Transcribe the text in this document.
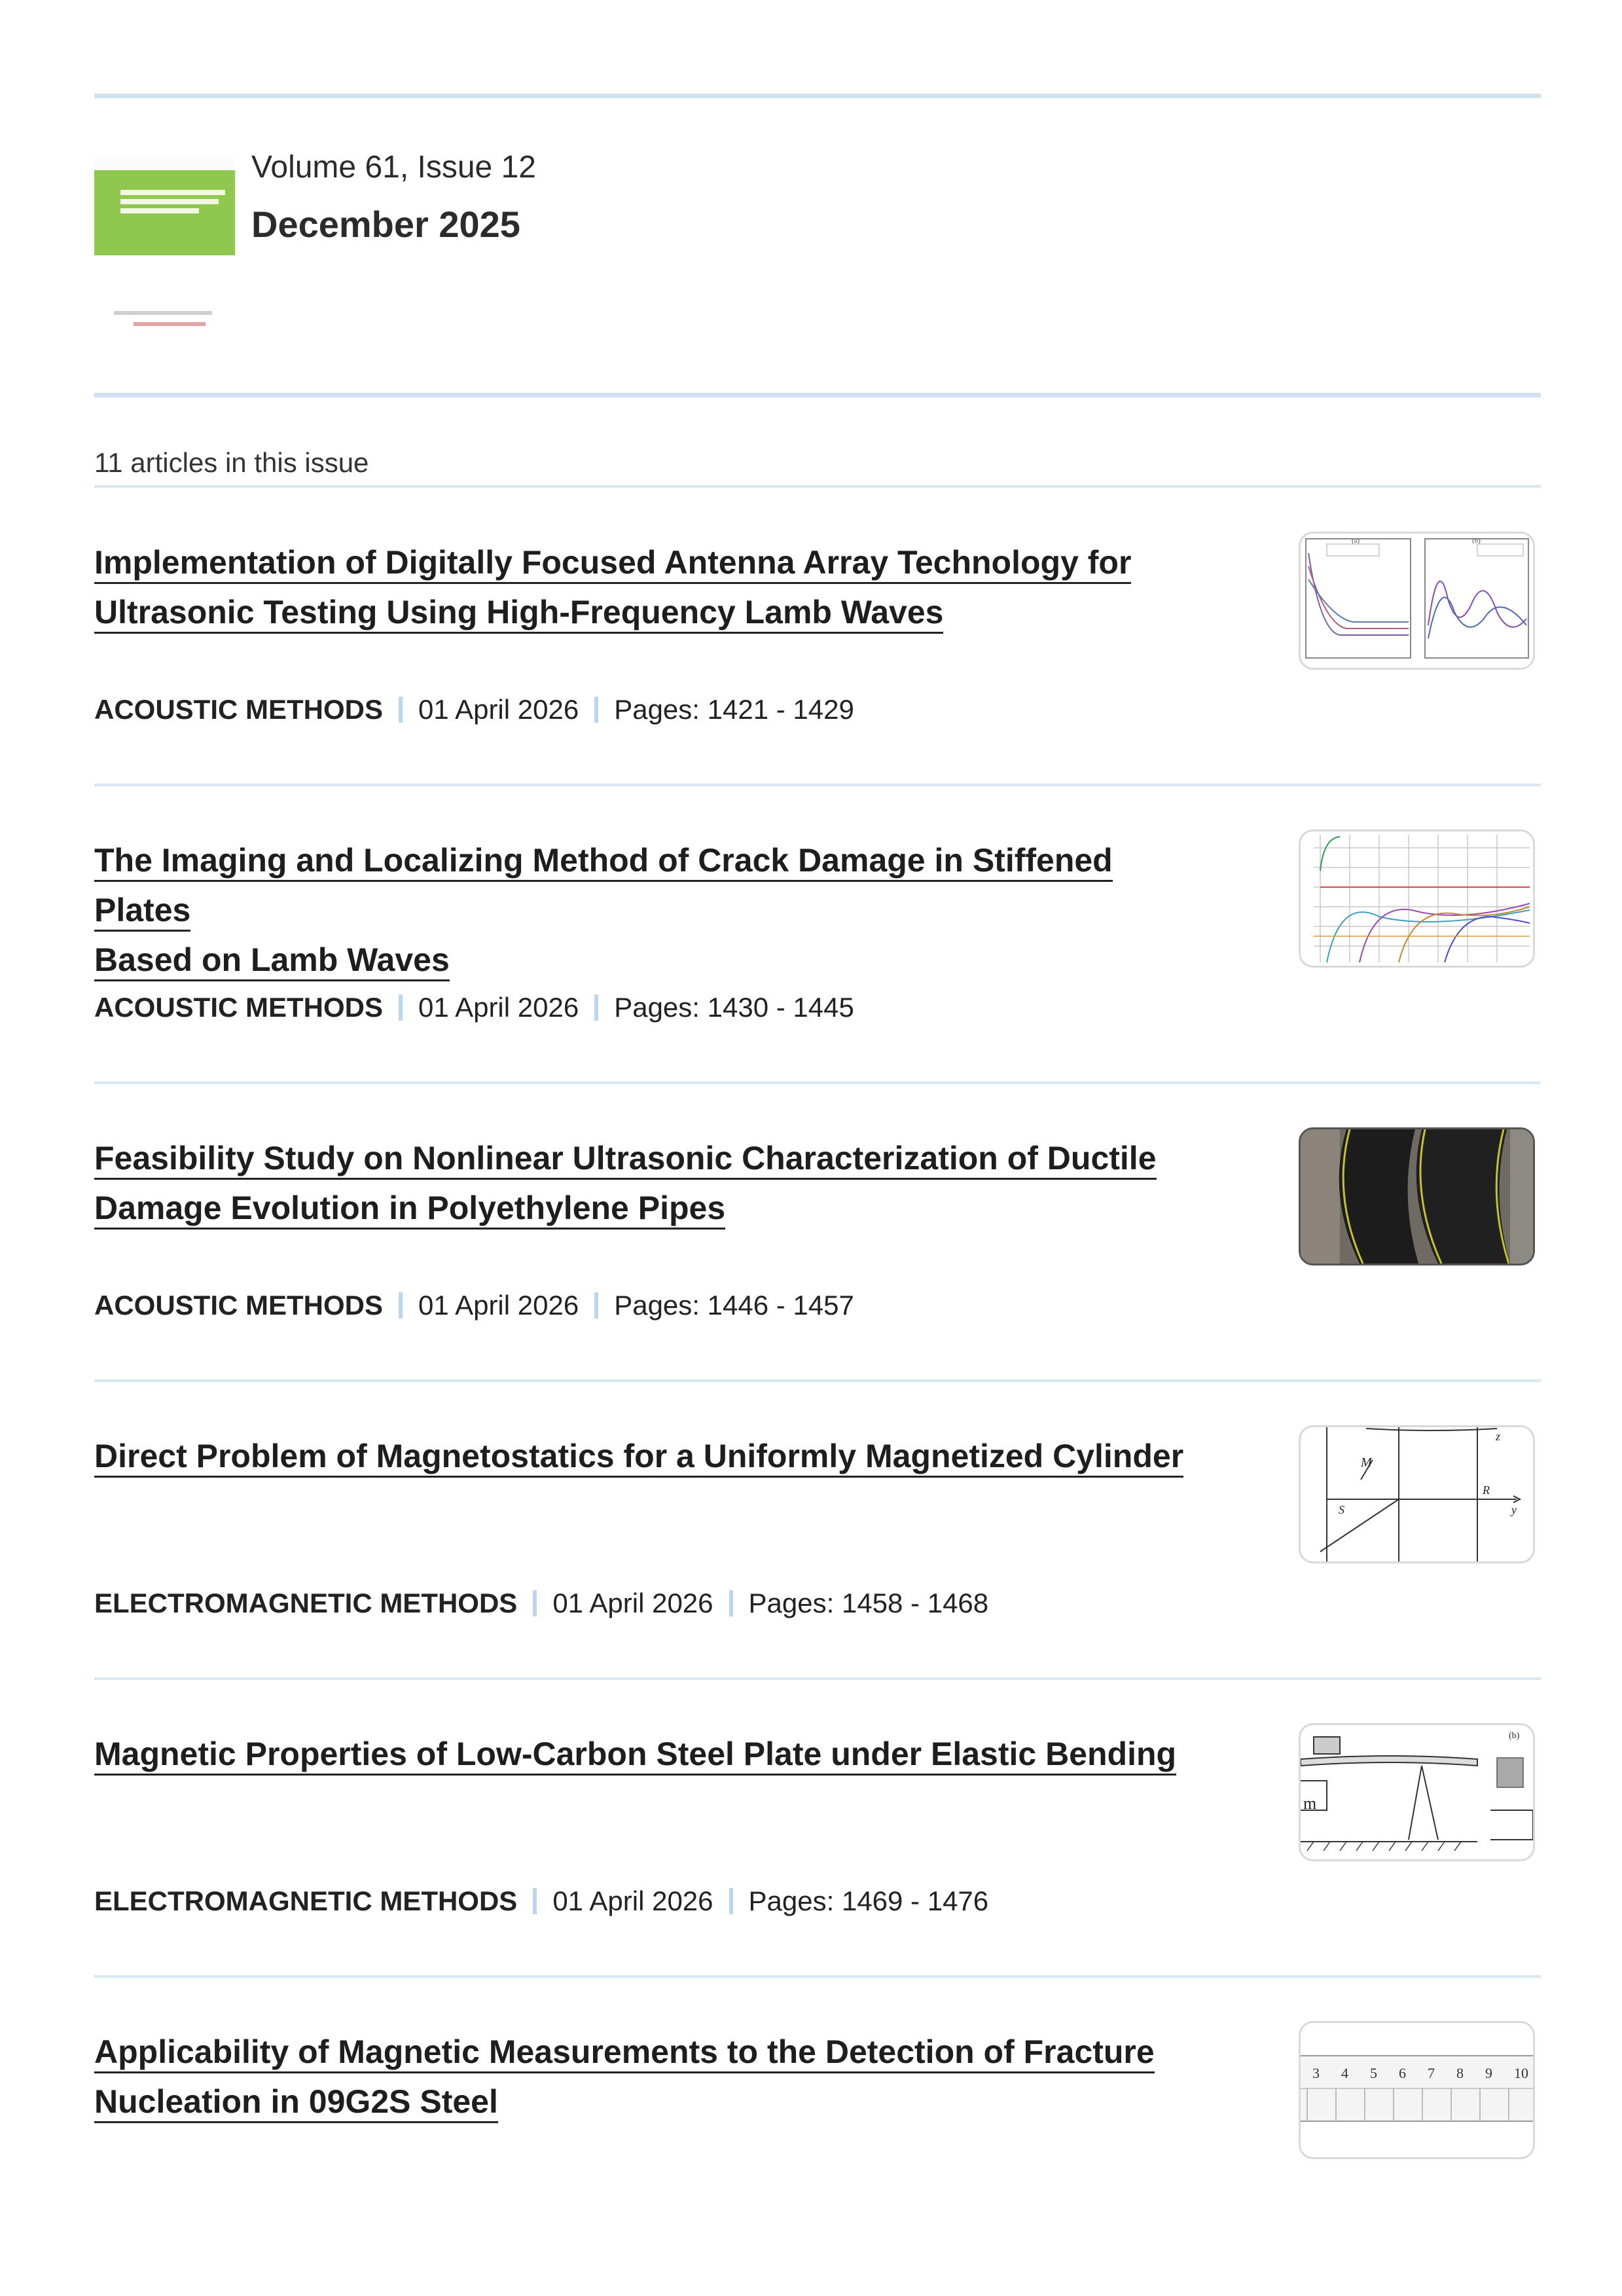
Volume 61, Issue 12
December 2025
11 articles in this issue
Implementation of Digitally Focused Antenna Array Technology for
Ultrasonic Testing Using High-Frequency Lamb Waves
ACOUSTIC METHODS 01 April 2026 Pages: 1421 - 1429
(a)	(b)
The Imaging and Localizing Method of Crack Damage in Stiffened Plates
Based on Lamb Waves
ACOUSTIC METHODS 01 April 2026 Pages: 1430 - 1445
Feasibility Study on Nonlinear Ultrasonic Characterization of Ductile
Damage Evolution in Polyethylene Pipes
ACOUSTIC METHODS 01 April 2026 Pages: 1446 - 1457
Direct Problem of Magnetostatics for a Uniformly Magnetized Cylinder
ELECTROMAGNETIC METHODS 01 April 2026 Pages: 1458 - 1468
M
S
R
y
z
Magnetic Properties of Low-Carbon Steel Plate under Elastic Bending
ELECTROMAGNETIC METHODS 01 April 2026 Pages: 1469 - 1476
(b)
m
Applicability of Magnetic Measurements to the Detection of Fracture
Nucleation in 09G2S Steel
3 4 5 6 7 8 9 10
